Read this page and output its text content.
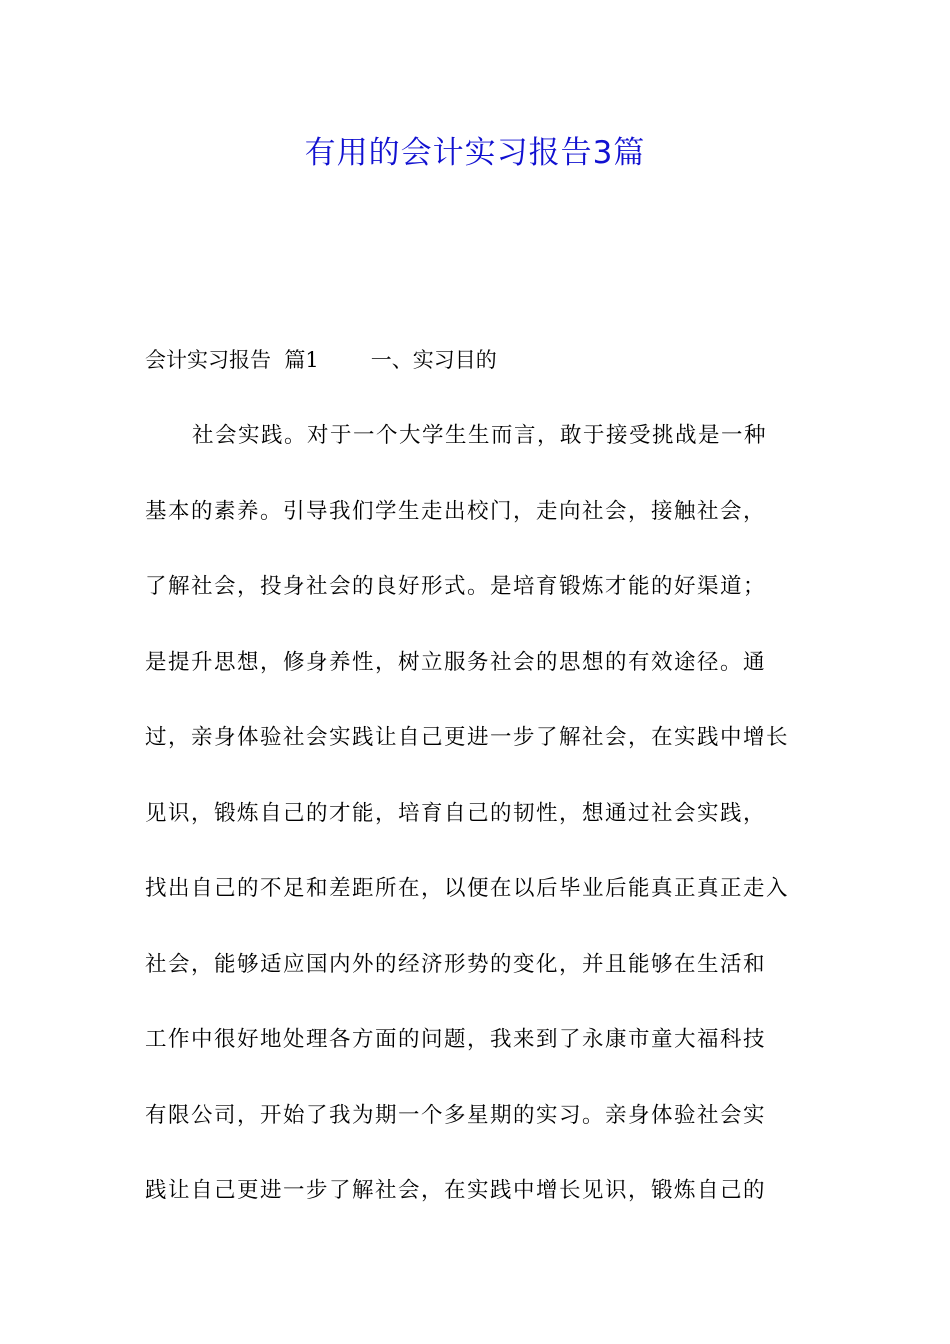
有用的会计实习报告3篇
会计实习报告  篇1 一、实习目的
社会实践。对于一个大学生生而言，敢于接受挑战是一种
基本的素养。引导我们学生走出校门，走向社会，接触社会，
了解社会，投身社会的良好形式。是培育锻炼才能的好渠道；
是提升思想，修身养性，树立服务社会的思想的有效途径。通
过，亲身体验社会实践让自己更进一步了解社会，在实践中增长
见识，锻炼自己的才能，培育自己的韧性，想通过社会实践，
找出自己的不足和差距所在，以便在以后毕业后能真正真正走入
社会，能够适应国内外的经济形势的变化，并且能够在生活和
工作中很好地处理各方面的问题，我来到了永康市童大福科技
有限公司，开始了我为期一个多星期的实习。亲身体验社会实
践让自己更进一步了解社会，在实践中增长见识，锻炼自己的
